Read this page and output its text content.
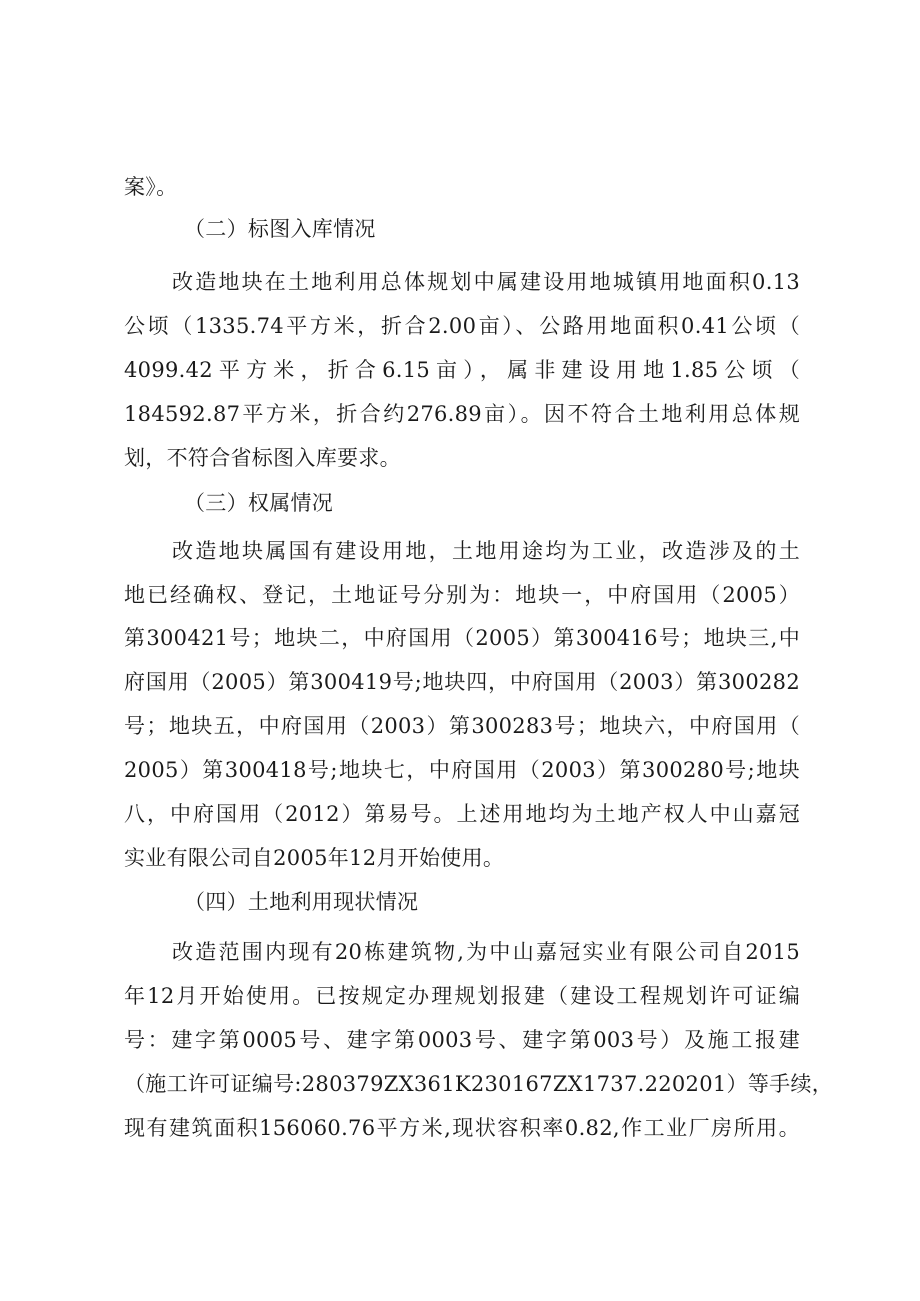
案》。
（二）标图入库情况
改造地块在土地利用总体规划中属建设用地城镇用地面积0.13
公顷（1335.74平方米，折合2.00亩）、公路用地面积0.41公顷（
4099.42平方米，折合6.15亩），属非建设用地1.85公顷（
184592.87平方米，折合约276.89亩）。因不符合土地利用总体规
划，不符合省标图入库要求。
（三）权属情况
改造地块属国有建设用地，土地用途均为工业，改造涉及的土
地已经确权、登记，土地证号分别为：地块一，中府国用（2005）
第300421号；地块二，中府国用（2005）第300416号；地块三,中
府国用（2005）第300419号;地块四，中府国用（2003）第300282
号；地块五，中府国用（2003）第300283号；地块六，中府国用（
2005）第300418号;地块七，中府国用（2003）第300280号;地块
八，中府国用（2012）第易号。上述用地均为土地产权人中山嘉冠
实业有限公司自2005年12月开始使用。
（四）土地利用现状情况
改造范围内现有20栋建筑物,为中山嘉冠实业有限公司自2015
年12月开始使用。已按规定办理规划报建（建设工程规划许可证编
号：建字第0005号、建字第0003号、建字第003号）及施工报建
（施工许可证编号:280379ZX361K230167ZX1737.220201）等手续，
现有建筑面积156060.76平方米,现状容积率0.82,作工业厂房所用。
